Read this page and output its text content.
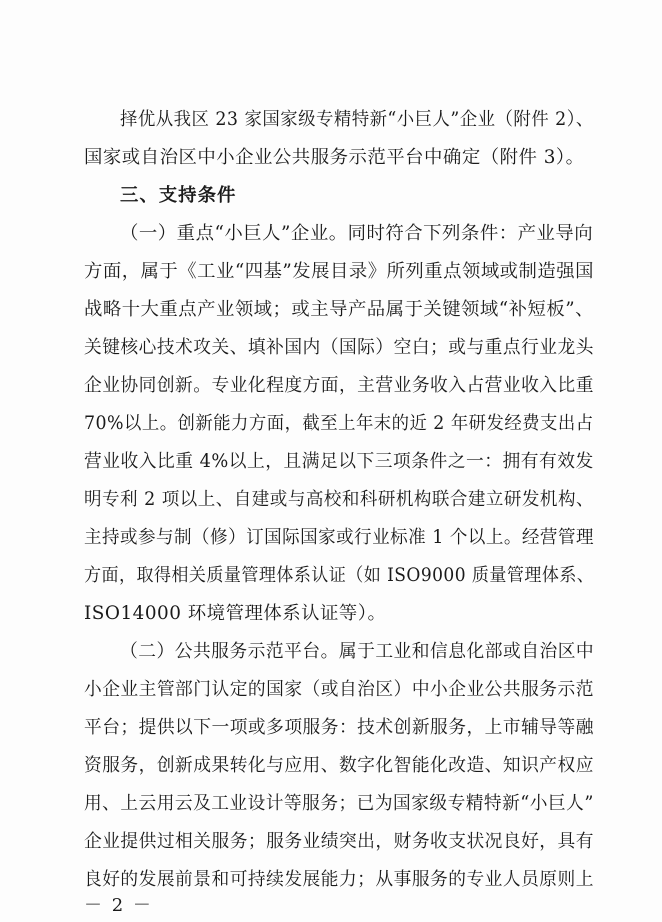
择优从我区 23 家国家级专精特新“小巨人”企业（附件 2）、
国家或自治区中小企业公共服务示范平台中确定（附件 3）。
三、支持条件
（一）重点“小巨人”企业。同时符合下列条件：产业导向
方面，属于《工业“四基”发展目录》所列重点领域或制造强国
战略十大重点产业领域；或主导产品属于关键领域“补短板”、
关键核心技术攻关、填补国内（国际）空白；或与重点行业龙头
企业协同创新。专业化程度方面，主营业务收入占营业收入比重
70%以上。创新能力方面，截至上年末的近 2 年研发经费支出占
营业收入比重 4%以上，且满足以下三项条件之一：拥有有效发
明专利 2 项以上、自建或与高校和科研机构联合建立研发机构、
主持或参与制（修）订国际国家或行业标准 1 个以上。经营管理
方面，取得相关质量管理体系认证（如 ISO9000 质量管理体系、
ISO14000 环境管理体系认证等）。
（二）公共服务示范平台。属于工业和信息化部或自治区中
小企业主管部门认定的国家（或自治区）中小企业公共服务示范
平台；提供以下一项或多项服务：技术创新服务，上市辅导等融
资服务，创新成果转化与应用、数字化智能化改造、知识产权应
用、上云用云及工业设计等服务；已为国家级专精特新“小巨人”
企业提供过相关服务；服务业绩突出，财务收支状况良好，具有
良好的发展前景和可持续发展能力；从事服务的专业人员原则上
－ 2 －
